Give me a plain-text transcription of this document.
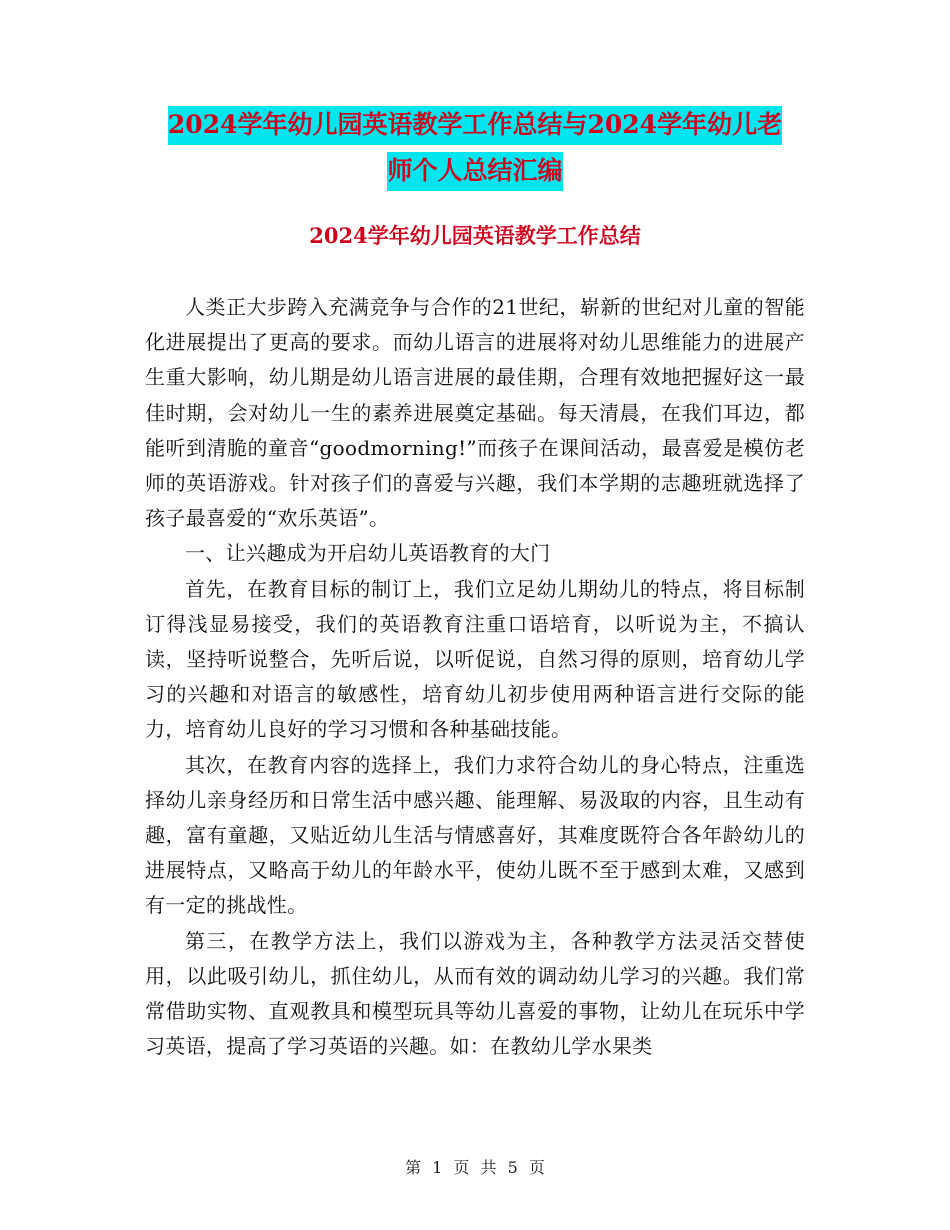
2024学年幼儿园英语教学工作总结与2024学年幼儿老
师个人总结汇编
2024学年幼儿园英语教学工作总结

人类正大步跨入充满竞争与合作的21世纪，崭新的世纪对儿童的智能化进展提出了更高的要求。而幼儿语言的进展将对幼儿思维能力的进展产生重大影响，幼儿期是幼儿语言进展的最佳期，合理有效地把握好这一最佳时期，会对幼儿一生的素养进展奠定基础。每天清晨，在我们耳边，都能听到清脆的童音“goodmorning!”而孩子在课间活动，最喜爱是模仿老师的英语游戏。针对孩子们的喜爱与兴趣，我们本学期的志趣班就选择了孩子最喜爱的“欢乐英语”。

一、让兴趣成为开启幼儿英语教育的大门

首先，在教育目标的制订上，我们立足幼儿期幼儿的特点，将目标制订得浅显易接受，我们的英语教育注重口语培育，以听说为主，不搞认读，坚持听说整合，先听后说，以听促说，自然习得的原则，培育幼儿学习的兴趣和对语言的敏感性，培育幼儿初步使用两种语言进行交际的能力，培育幼儿良好的学习习惯和各种基础技能。

其次，在教育内容的选择上，我们力求符合幼儿的身心特点，注重选择幼儿亲身经历和日常生活中感兴趣、能理解、易汲取的内容，且生动有趣，富有童趣，又贴近幼儿生活与情感喜好，其难度既符合各年龄幼儿的进展特点，又略高于幼儿的年龄水平，使幼儿既不至于感到太难，又感到有一定的挑战性。

第三，在教学方法上，我们以游戏为主，各种教学方法灵活交替使用，以此吸引幼儿，抓住幼儿，从而有效的调动幼儿学习的兴趣。我们常常借助实物、直观教具和模型玩具等幼儿喜爱的事物，让幼儿在玩乐中学习英语，提高了学习英语的兴趣。如：在教幼儿学水果类

第 1 页 共 5 页
